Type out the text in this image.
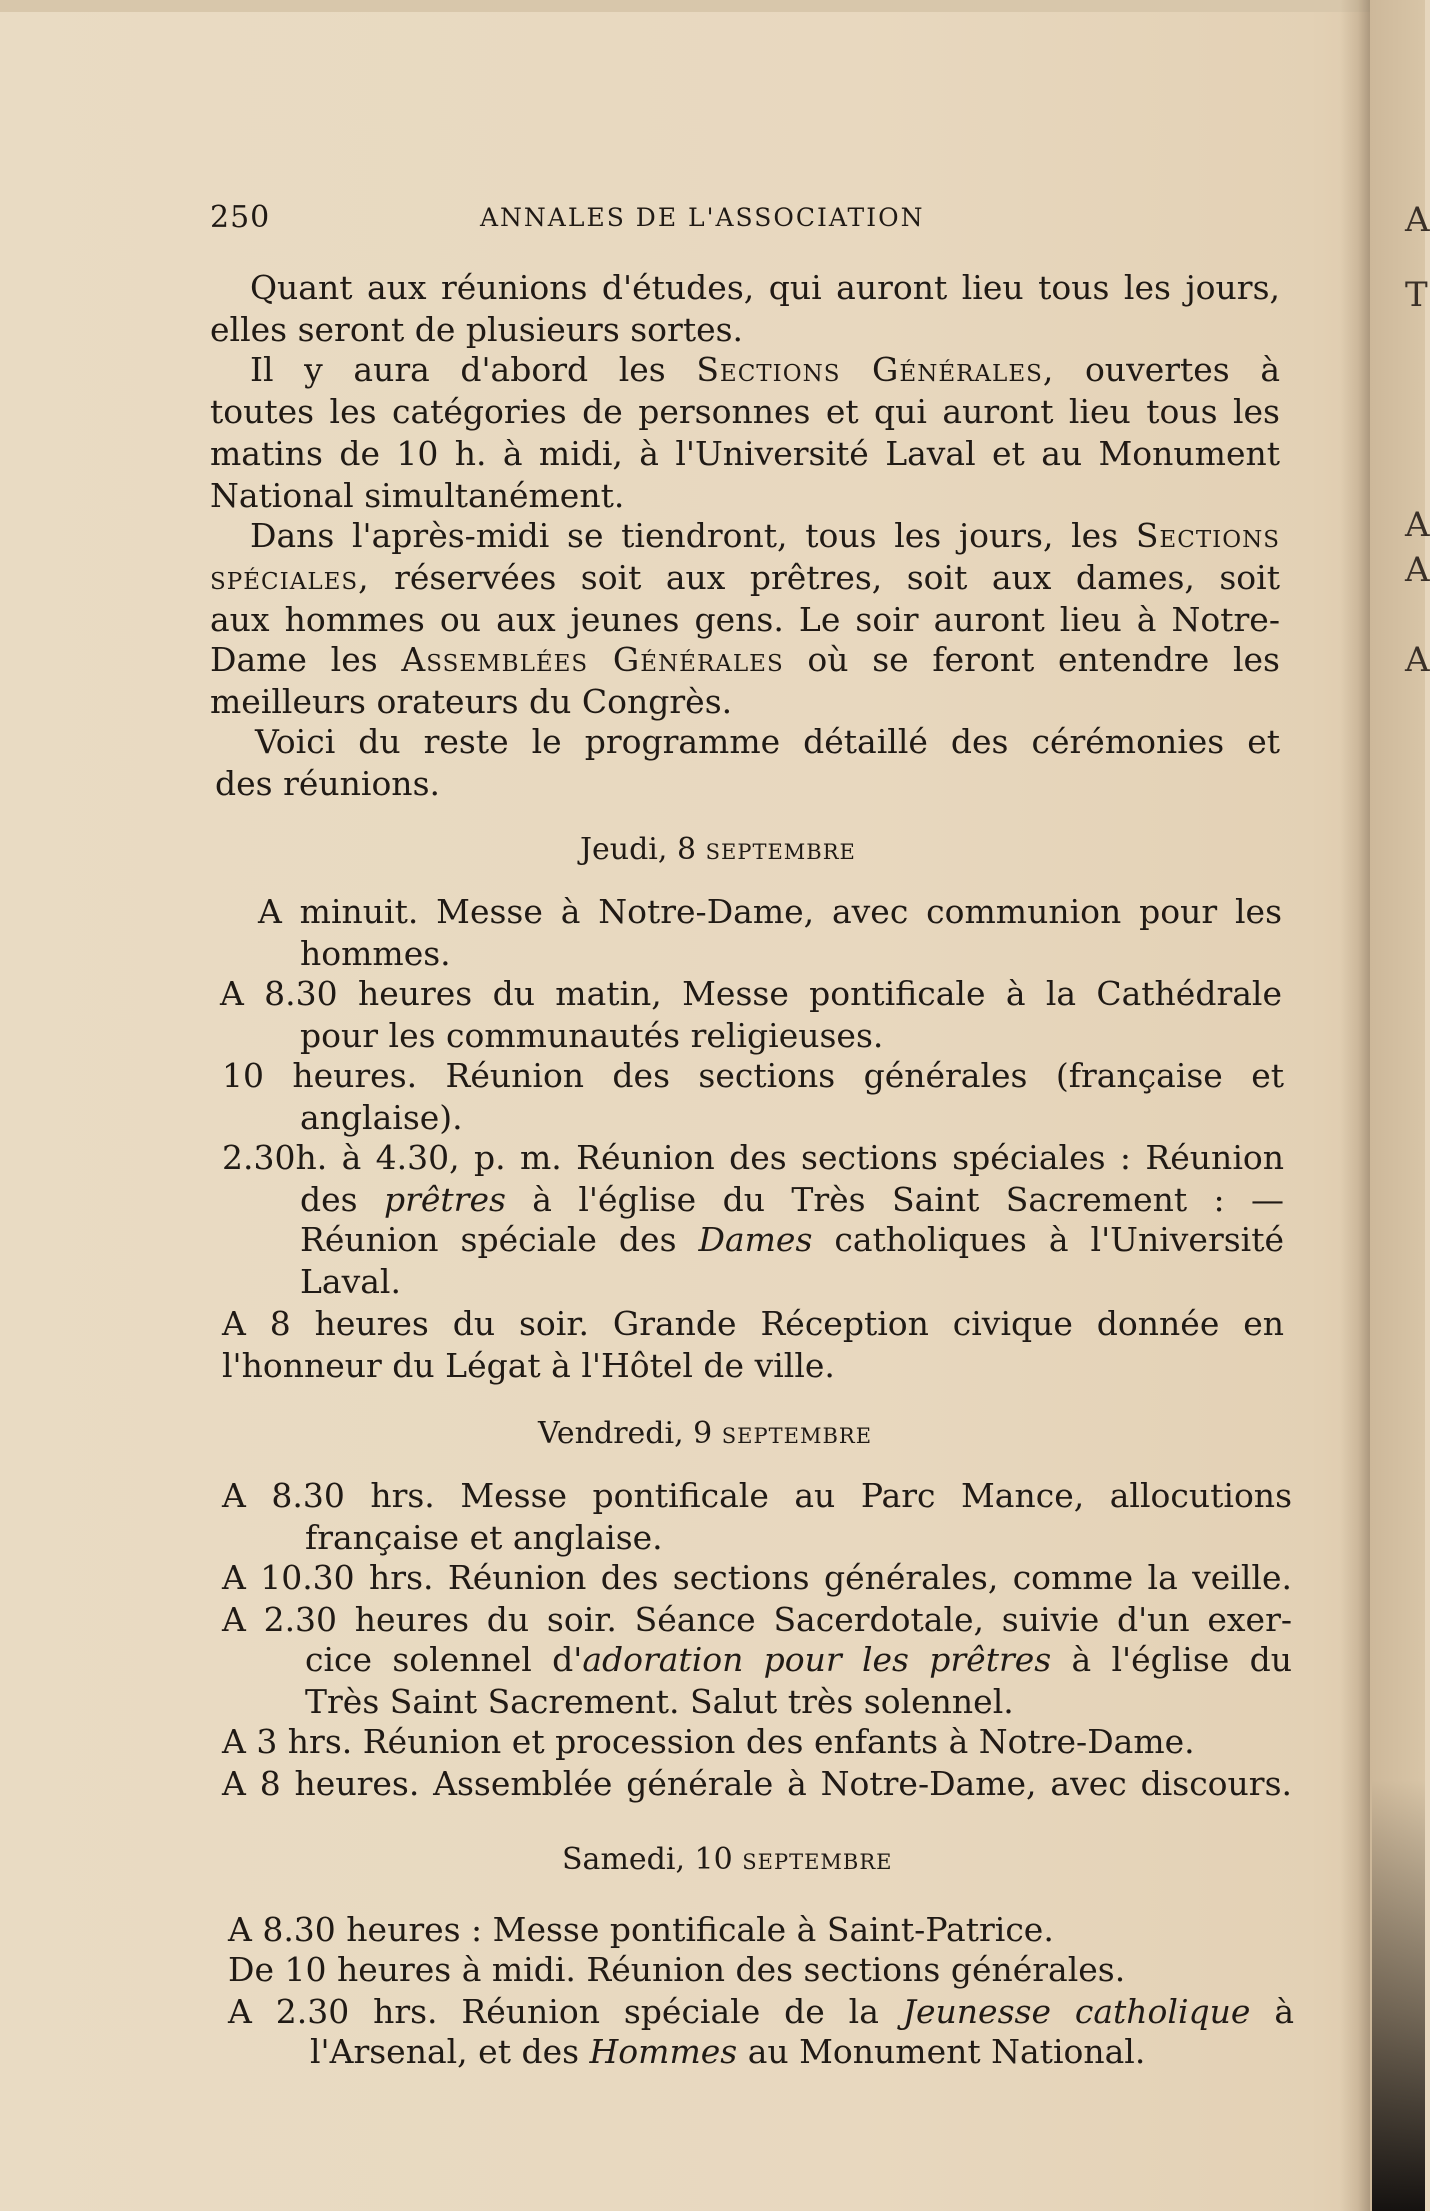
A
T
A
A
A
250	ANNALES DE L'ASSOCIATION
Quant aux réunions d'études, qui auront lieu tous les jours,
elles seront de plusieurs sortes.
Il y aura d'abord les Sections Générales, ouvertes à
toutes les catégories de personnes et qui auront lieu tous les
matins de 10 h. à midi, à l'Université Laval et au Monument
National simultanément.
Dans l'après-midi se tiendront, tous les jours, les Sections
spéciales, réservées soit aux prêtres, soit aux dames, soit
aux hommes ou aux jeunes gens. Le soir auront lieu à Notre-
Dame les Assemblées Générales où se feront entendre les
meilleurs orateurs du Congrès.
Voici du reste le programme détaillé des cérémonies et
des réunions.
Jeudi, 8 septembre
A minuit. Messe à Notre-Dame, avec communion pour les
hommes.
A 8.30 heures du matin, Messe pontificale à la Cathédrale
pour les communautés religieuses.
10 heures. Réunion des sections générales (française et
anglaise).
2.30h. à 4.30, p. m. Réunion des sections spéciales : Réunion
des prêtres à l'église du Très Saint Sacrement : —
Réunion spéciale des Dames catholiques à l'Université
Laval.
A 8 heures du soir. Grande Réception civique donnée en
l'honneur du Légat à l'Hôtel de ville.
Vendredi, 9 septembre
A 8.30 hrs. Messe pontificale au Parc Mance, allocutions
française et anglaise.
A 10.30 hrs. Réunion des sections générales, comme la veille.
A 2.30 heures du soir. Séance Sacerdotale, suivie d'un exer-
cice solennel d'adoration pour les prêtres à l'église du
Très Saint Sacrement. Salut très solennel.
A 3 hrs. Réunion et procession des enfants à Notre-Dame.
A 8 heures. Assemblée générale à Notre-Dame, avec discours.
Samedi, 10 septembre
A 8.30 heures : Messe pontificale à Saint-Patrice.
De 10 heures à midi. Réunion des sections générales.
A 2.30 hrs. Réunion spéciale de la Jeunesse catholique à
l'Arsenal, et des Hommes au Monument National.
